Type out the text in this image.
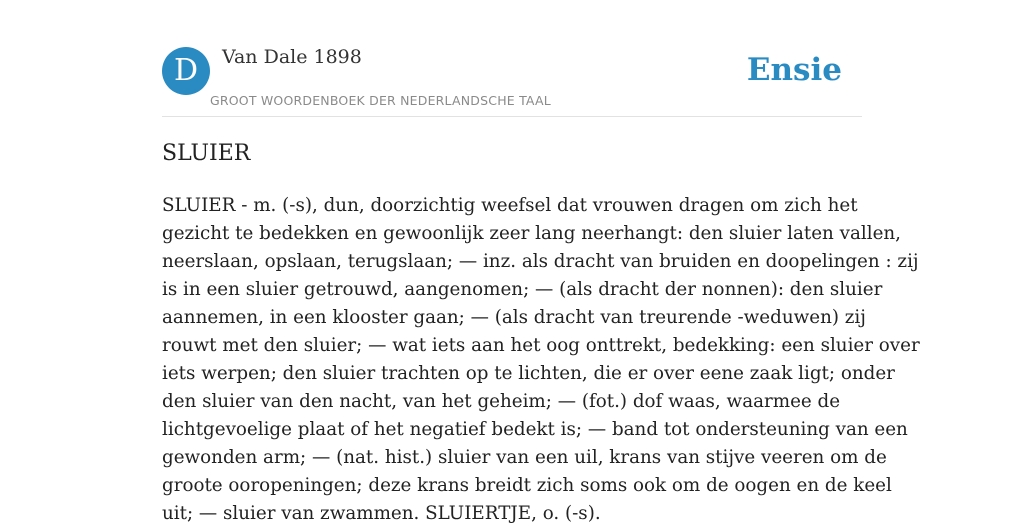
D	Van Dale 1898
GROOT WOORDENBOEK DER NEDERLANDSCHE TAAL
Ensie
SLUIER

SLUIER - m. (-s), dun, doorzichtig weefsel dat vrouwen dragen om zich het
gezicht te bedekken en gewoonlijk zeer lang neerhangt: den sluier laten vallen,
neerslaan, opslaan, terugslaan; — inz. als dracht van bruiden en doopelingen : zij
is in een sluier getrouwd, aangenomen; — (als dracht der nonnen): den sluier
aannemen, in een klooster gaan; — (als dracht van treurende -weduwen) zij
rouwt met den sluier; — wat iets aan het oog onttrekt, bedekking: een sluier over
iets werpen; den sluier trachten op te lichten, die er over eene zaak ligt; onder
den sluier van den nacht, van het geheim; — (fot.) dof waas, waarmee de
lichtgevoelige plaat of het negatief bedekt is; — band tot ondersteuning van een
gewonden arm; — (nat. hist.) sluier van een uil, krans van stijve veeren om de
groote ooropeningen; deze krans breidt zich soms ook om de oogen en de keel
uit; — sluier van zwammen. SLUIERTJE, o. (-s).
